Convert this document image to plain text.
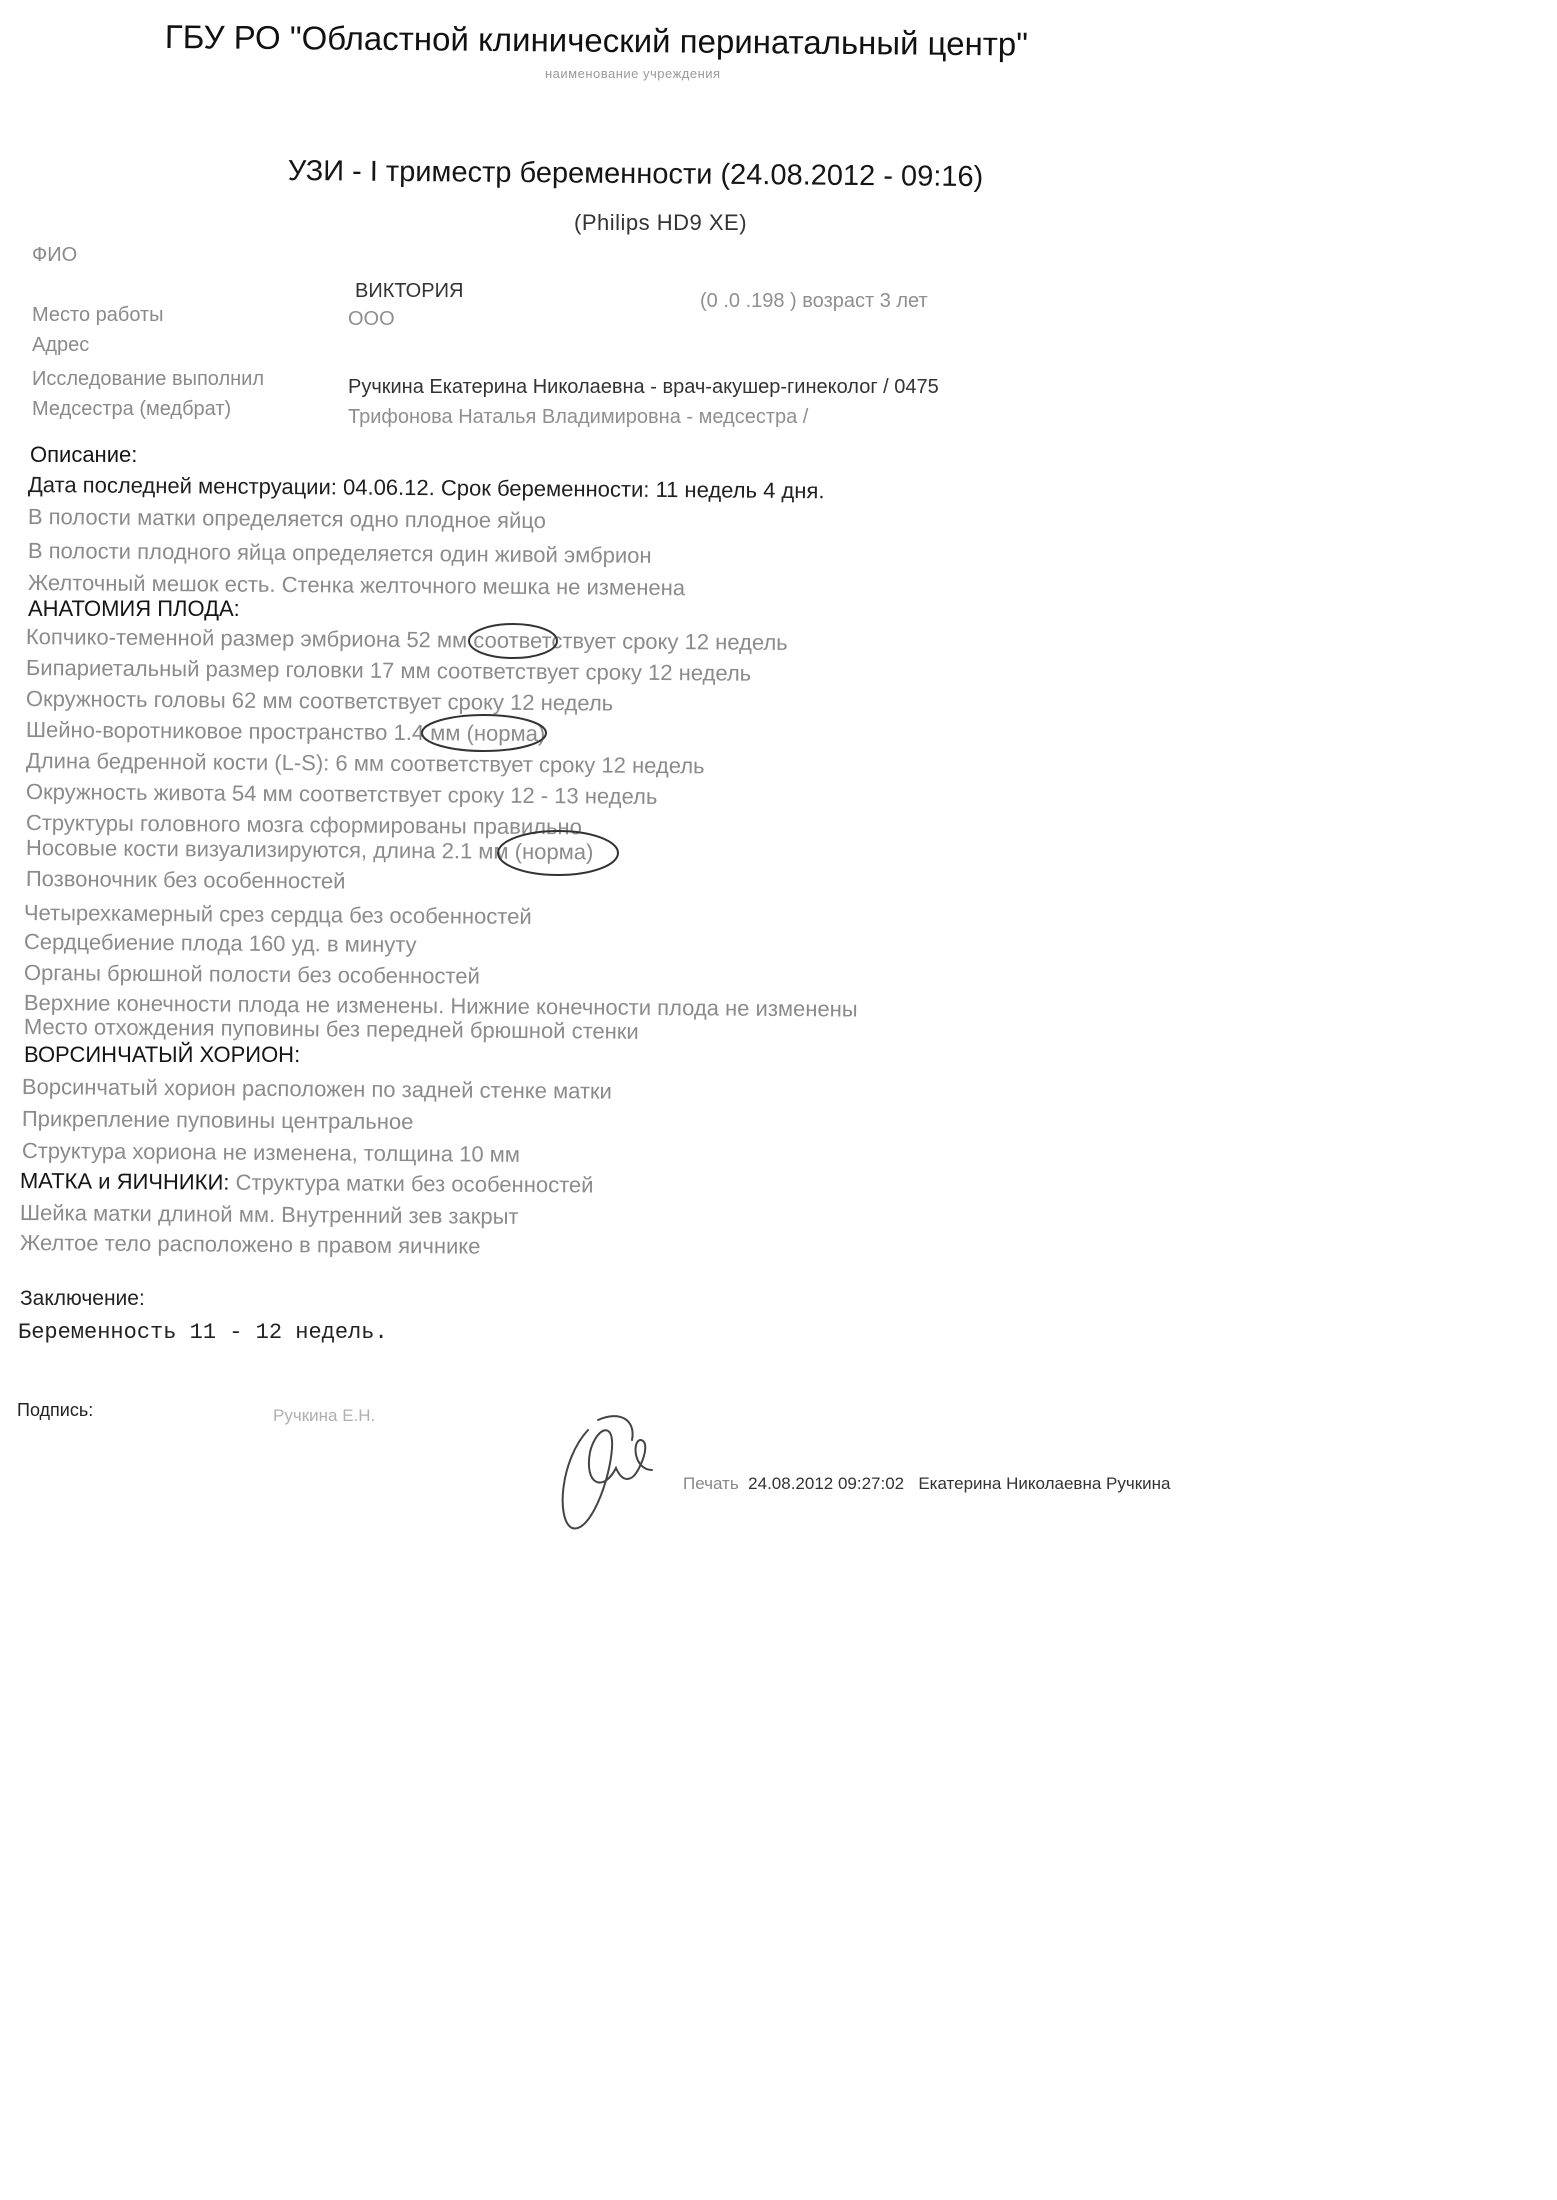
ГБУ РО "Областной клинический перинатальный центр"
наименование учреждения
УЗИ - I триместр беременности (24.08.2012 - 09:16)
(Philips HD9 XE)
ФИО
ВИКТОРИЯ	(0 .0 .198 ) возраст 3 лет
Место работы	ООО
Адрес
Исследование выполнил	Ручкина Екатерина Николаевна - врач-акушер-гинеколог / 0475
Медсестра (медбрат)	Трифонова Наталья Владимировна - медсестра /
Описание:
Дата последней менструации: 04.06.12. Срок беременности: 11 недель 4 дня.
В полости матки определяется одно плодное яйцо
В полости плодного яйца определяется один живой эмбрион
Желточный мешок есть. Стенка желточного мешка не изменена
АНАТОМИЯ ПЛОДА:
Копчико-теменной размер эмбриона 52 мм соответствует сроку 12 недель
Бипариетальный размер головки 17 мм соответствует сроку 12 недель
Окружность головы 62 мм соответствует сроку 12 недель
Шейно-воротниковое пространство 1.4 мм (норма)
Длина бедренной кости (L-S): 6 мм соответствует сроку 12 недель
Окружность живота 54 мм соответствует сроку 12 - 13 недель
Структуры головного мозга сформированы правильно
Носовые кости визуализируются, длина 2.1 мм (норма)
Позвоночник без особенностей
Четырехкамерный срез сердца без особенностей
Сердцебиение плода 160 уд. в минуту
Органы брюшной полости без особенностей
Верхние конечности плода не изменены. Нижние конечности плода не изменены
Место отхождения пуповины без передней брюшной стенки
ВОРСИНЧАТЫЙ ХОРИОН:
Ворсинчатый хорион расположен по задней стенке матки
Прикрепление пуповины центральное
Структура хориона не изменена, толщина 10 мм
МАТКА и ЯИЧНИКИ: Структура матки без особенностей
Шейка матки длиной мм. Внутренний зев закрыт
Желтое тело расположено в правом яичнике
Заключение:
Беременность 11 - 12 недель.
Подпись:	Ручкина Е.Н.
Печать 24.08.2012 09:27:02 Екатерина Николаевна Ручкина
